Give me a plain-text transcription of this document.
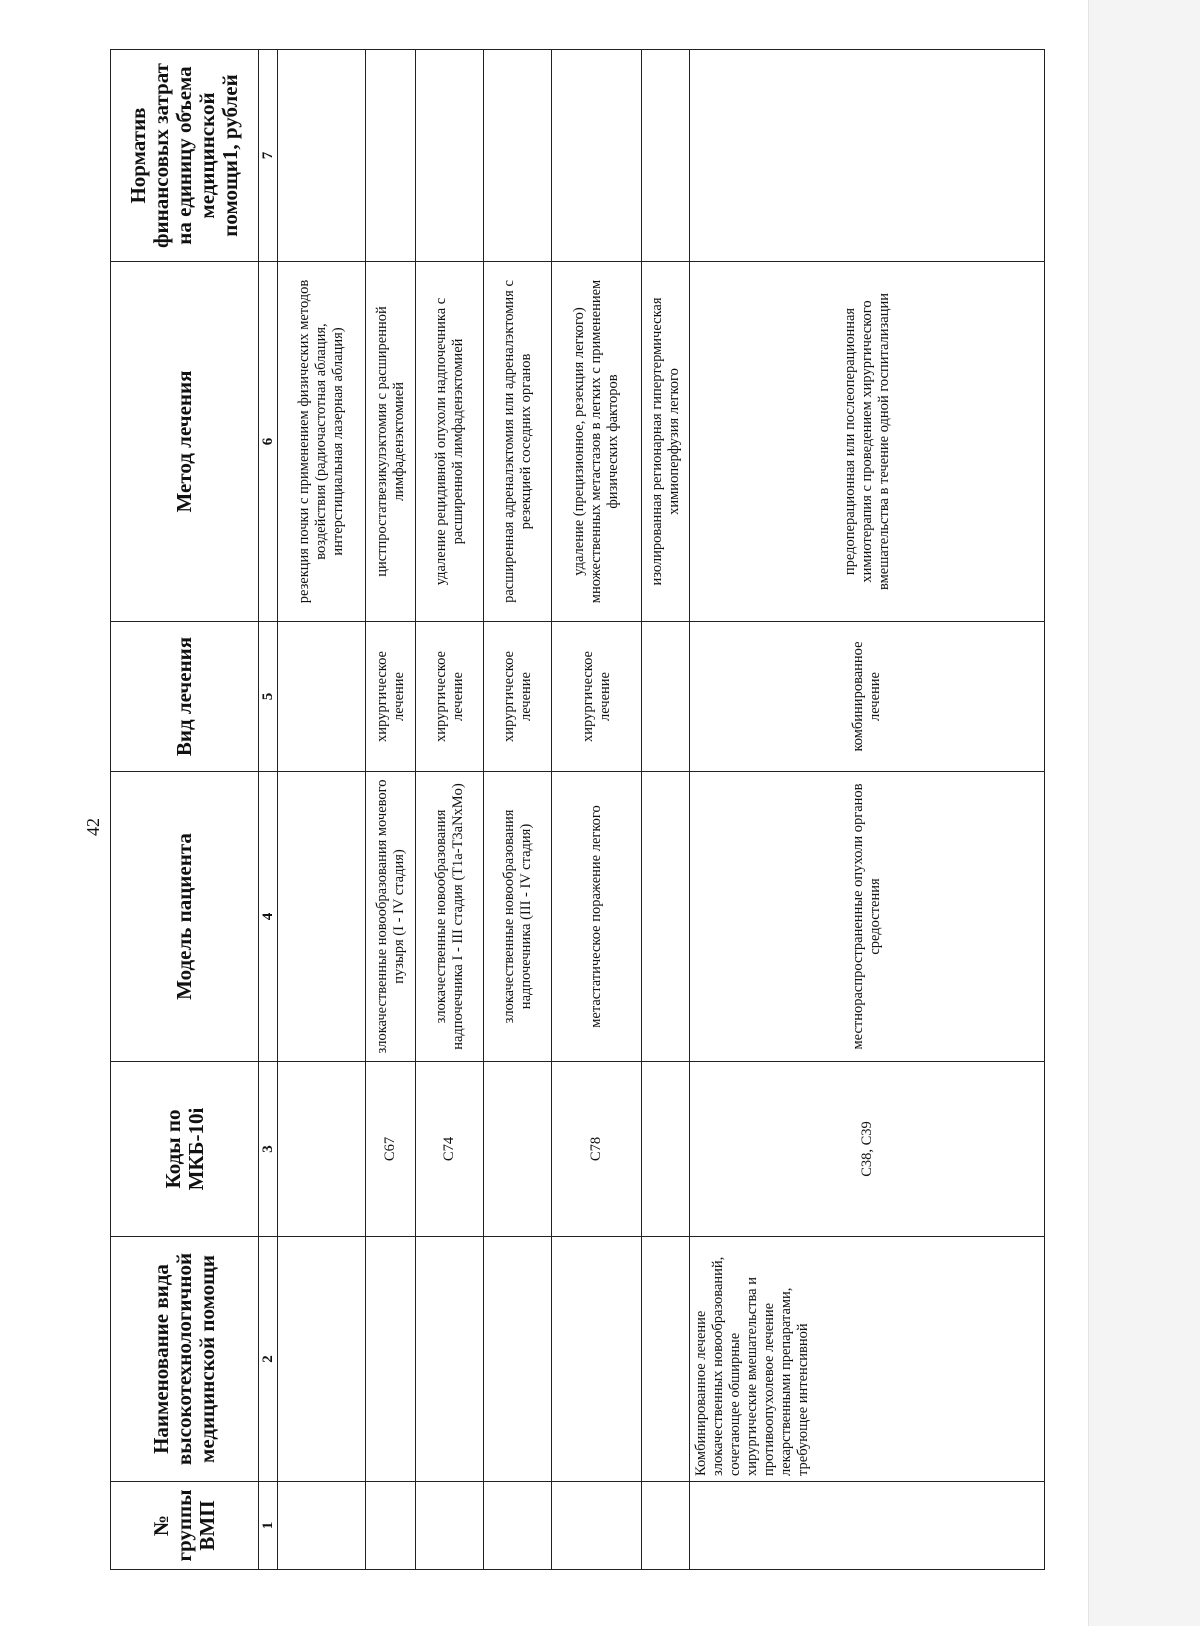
42
№ группы ВМП	Наименование вида высокотехнологичной медицинской помощи	Коды по МКБ-10i	Модель пациента	Вид лечения	Метод лечения	Норматив финансовых затрат на единицу объема медицинской помощи1, рублей
1	2	3	4	5	6	7
					резекция почки с применением физических методов воздействия (радиочастотная аблация, интерстициальная лазерная аблация)	
		C67	злокачественные новообразования мочевого пузыря (I - IV стадия)	хирургическое лечение	цистпростатвезикулэктомия с расширенной лимфаденэктомией	
		C74	злокачественные новообразования надпочечника I - III стадия (T1a-T3aNxMo)	хирургическое лечение	удаление рецидивной опухоли надпочечника с расширенной лимфаденэктомией	
			злокачественные новообразования надпочечника (III - IV стадия)	хирургическое лечение	расширенная адреналэктомия или адреналэктомия с резекцией соседних органов	
		C78	метастатическое поражение легкого	хирургическое лечение	удаление (прецизионное, резекция легкого) множественных метастазов в легких с применением физических факторов	
					изолированная регионарная гипертермическая химиоперфузия легкого	
	Комбинированное лечение злокачественных новообразований, сочетающее обширные хирургические вмешательства и противоопухолевое лечение лекарственными препаратами, требующее интенсивной	C38, C39	местнораспространенные опухоли органов средостения	комбинированное лечение	предоперационная или послеоперационная химиотерапия с проведением хирургического вмешательства в течение одной госпитализации	
